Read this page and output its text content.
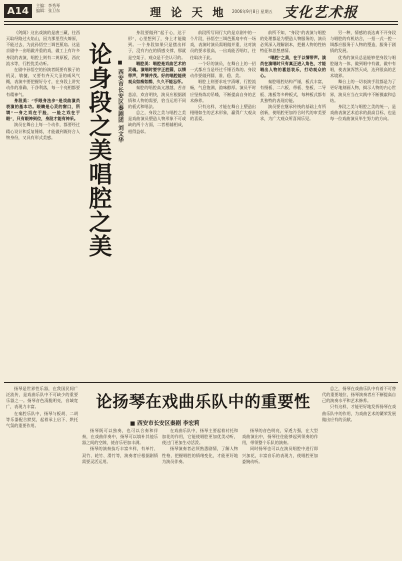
A14	主编：李秀琴
编辑：张卫东	理 论 天 地 2006年9月8日 星期五 支化艺术报

《剑阁》这出戏演的是唐三藏，往西天取经路过火焰山，因为那里烈火燎原，不能过去，为此孙悟空三调芭蕉扇。这是京剧中一出唱做并重的戏，做工上有许多身段的表演，唱腔上则有二黄原板，西皮流水等，行腔优美动听。

在剧中孙悟空的扮演者既要有猴子的机灵、敏捷，又要有齐天大圣的威风气概，表演中要把握好分寸，在身段上讲究动作的准确、干净利落，每一个亮相都要有精神气。

身段美：“手眼身法步”是戏曲演员表演的基本功。眼睛是心灵的窗口，所谓“一身之戏在于脸，一脸之戏在于眼”，只有眼神到位，身段才能有神采。

演员在舞台上每一个动作，都要经过精心设计和反复锤炼，才能做到既符合人物身份，又具有形式美感。	论身段之美唱腔之美	■ 西安市长安区秦剧团 刘文华

身段要做到“起于心，达于形”，心里想到了，身上才能做到。一个身段如果只是摆出样子，没有内在的情感支撑，那就是空架子，观众是不会认可的。

唱腔美：唱腔是戏曲艺术的灵魂。演唱时要字正腔圆，以情带声，声情并茂。好的唱腔能使观众如痴如醉，久久不能忘怀。

秦腔的唱腔高亢激越，苦音悲凉，欢音明快，演员应根据剧情和人物的需要，恰当运用不同的板式和唱法。

总之，身段之美与唱腔之美是戏曲演员塑造人物形象不可或缺的两个方面，二者相辅相成，相得益彰。

前段所写同行大约是京剧中的一个片段，孙悟空三调芭蕉扇中有一场戏，表演时演员需唱做并重，这对演员的要求很高，一出戏能否唱红，往往取决于此。

一个好的演员，在舞台上的一招一式都应当是经过千锤百炼的。身段动作要做到圆、准、稳、美。

唱腔上则要求吐字清晰，行腔流畅，气息饱满，韵味醇厚。演员平时应坚持练功吊嗓，不断提高自身的艺术修养。

只有这样，才能在舞台上塑造出栩栩如生的艺术形象，赢得广大观众的喜爱。

前所不知，“身段”的表演与唱腔的处理都是为塑造人物服务的，演员必须深入理解剧本，把握人物的性格特征和思想感情。

“唱腔”之美，在于以情带声。演员在演唱时只有真正进入角色，才能唱出人物的喜怒哀乐，打动观众的心。

秦腔唱腔结构严谨，板式丰富，有慢板、二六板、带板、垫板、二导板、滚板等多种板式，每种板式都有其独特的表现功能。

演员要在继承传统的基础上有所创新，使唱腔更加符合时代的审美要求，为广大观众所喜闻乐见。

另一种，情感的表达离不开身段与唱腔的有机结合，一招一式一腔一调都应服务于人物的塑造，服务于剧情的发展。

优秀的演员总是能够把身段与唱腔融为一体，做到唱中有做，做中有唱，使表演浑然天成，达到很高的艺术境界。

舞台上的一切表演手段都是为了更好地刻画人物，揭示人物的内心世界，演员应当在实践中不断摸索和总结。

身段之美与唱腔之美的统一，是戏曲表演艺术追求的最高目标，也是每一位戏曲演员毕生努力的方向。

论扬琴在戏曲乐队中的重要性
■ 西安市长安区秦剧 李宏莉

扬琴是世界性乐器，在我国民间广泛流传，是戏曲乐队中不可缺少的重要乐器之一。扬琴音色清脆明亮，音域宽广，表现力丰富。

在秦腔乐队中，扬琴与板胡、二胡等乐器配合默契，起着承上启下、烘托气氛的重要作用。

扬琴既可以独奏，也可以合奏和伴奏，在戏曲伴奏中，扬琴可以填补其他乐器之间的空隙，使音乐更加丰满。

扬琴的演奏技巧丰富多样，有单竹、双竹、轮竹、滑竹等，演奏者应根据剧情需要灵活运用。

在戏曲乐队中，扬琴主要起着衬托和加花的作用，它能使唱腔更加优美动听，使过门更加生动活泼。

扬琴演奏者必须熟悉剧情，了解人物性格，把握唱腔的情绪变化，才能更好地为演员伴奏。

扬琴的音色明亮，穿透力强，在大型戏曲演出中，扬琴往往能够起到领奏的作用，带领整个乐队的演奏。

同时扬琴也可以在演员唱腔中进行即兴加花，丰富音乐的表现力，使唱腔更加委婉动听。

总之，扬琴在戏曲乐队中有着不可替代的重要地位，扬琴演奏者应不断提高自己的演奏水平和艺术修养。

只有这样，才能更好地发挥扬琴在戏曲乐队中的作用，为戏曲艺术的繁荣发展做出应有的贡献。
